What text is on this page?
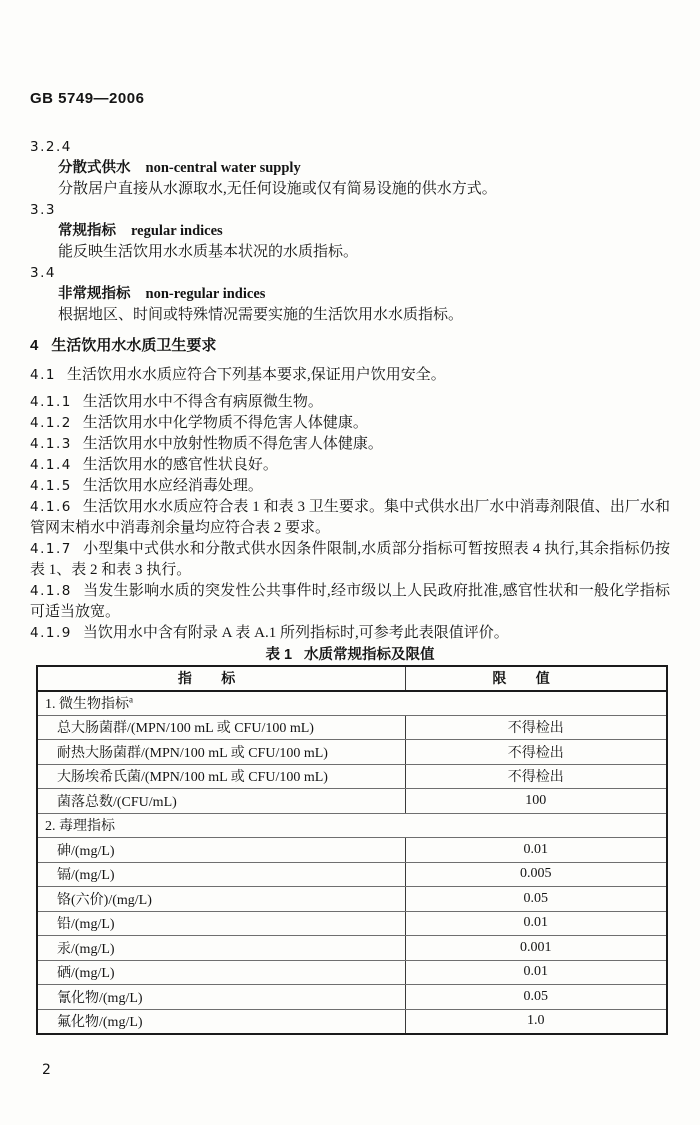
GB 5749—2006

3.2.4

分散式供水 non-central water supply

分散居户直接从水源取水,无任何设施或仅有简易设施的供水方式。

3.3

常规指标 regular indices

能反映生活饮用水水质基本状况的水质指标。

3.4

非常规指标 non-regular indices

根据地区、时间或特殊情况需要实施的生活饮用水水质指标。

4 生活饮用水水质卫生要求

4.1 生活饮用水水质应符合下列基本要求,保证用户饮用安全。

4.1.1 生活饮用水中不得含有病原微生物。

4.1.2 生活饮用水中化学物质不得危害人体健康。

4.1.3 生活饮用水中放射性物质不得危害人体健康。

4.1.4 生活饮用水的感官性状良好。

4.1.5 生活饮用水应经消毒处理。

4.1.6 生活饮用水水质应符合表 1 和表 3 卫生要求。集中式供水出厂水中消毒剂限值、出厂水和管网末梢水中消毒剂余量均应符合表 2 要求。

4.1.7 小型集中式供水和分散式供水因条件限制,水质部分指标可暂按照表 4 执行,其余指标仍按表 1、表 2 和表 3 执行。

4.1.8 当发生影响水质的突发性公共事件时,经市级以上人民政府批准,感官性状和一般化学指标可适当放宽。

4.1.9 当饮用水中含有附录 A 表 A.1 所列指标时,可参考此表限值评价。

表 1 水质常规指标及限值
指标	限值
1. 微生物指标$^a$
总大肠菌群/(MPN/100 mL 或 CFU/100 mL)	不得检出
耐热大肠菌群/(MPN/100 mL 或 CFU/100 mL)	不得检出
大肠埃希氏菌/(MPN/100 mL 或 CFU/100 mL)	不得检出
菌落总数/(CFU/mL)	100
2. 毒理指标	
砷/(mg/L)	0.01
镉/(mg/L)	0.005
铬(六价)/(mg/L)	0.05
铅/(mg/L)	0.01
汞/(mg/L)	0.001
硒/(mg/L)	0.01
氰化物/(mg/L)	0.05
氟化物/(mg/L)	1.0
2
